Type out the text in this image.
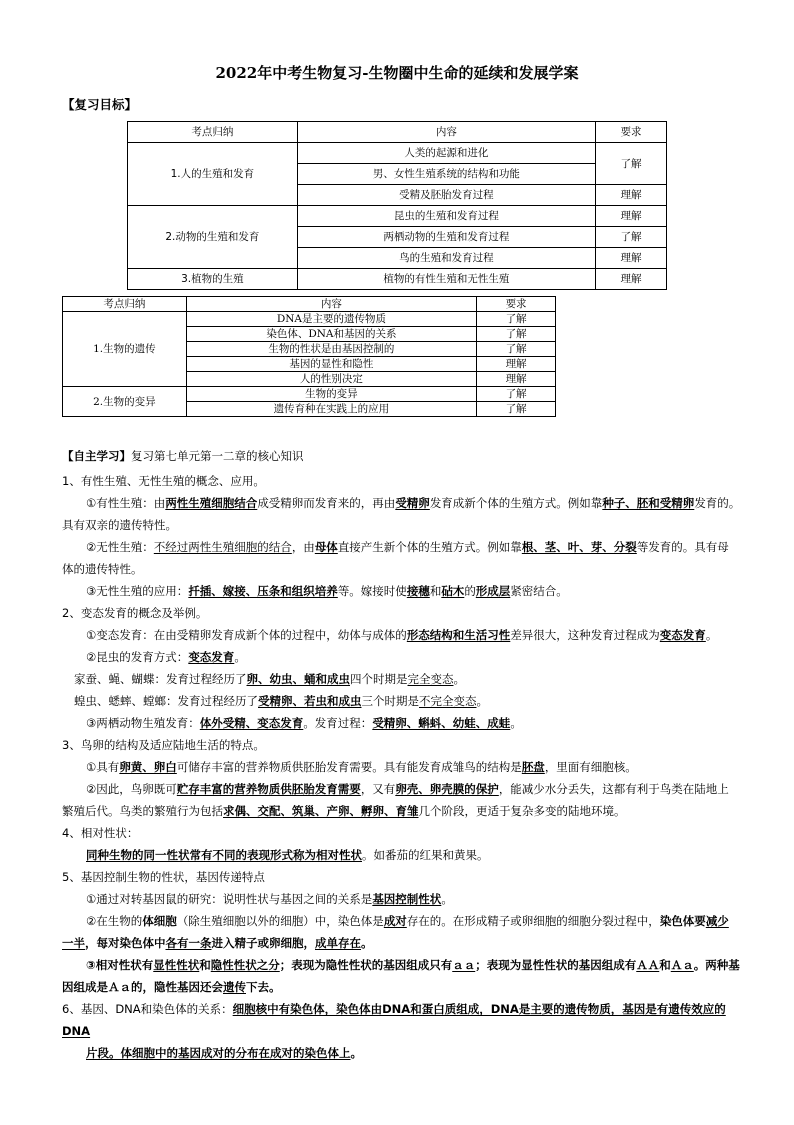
2022年中考生物复习-生物圈中生命的延续和发展学案
【复习目标】
考点归纳	内容	要求
1.人的生殖和发育	人类的起源和进化	了解
	男、女性生殖系统的结构和功能	
	受精及胚胎发育过程	理解
2.动物的生殖和发育	昆虫的生殖和发育过程	理解
	两栖动物的生殖和发育过程	了解
	鸟的生殖和发育过程	理解
3.植物的生殖	植物的有性生殖和无性生殖	理解
考点归纳	内容	要求
1.生物的遗传	DNA是主要的遗传物质	了解
	染色体、DNA和基因的关系	了解
	生物的性状是由基因控制的	了解
	基因的显性和隐性	理解
	人的性别决定	理解
2.生物的变异	生物的变异	了解
	遗传育种在实践上的应用	了解
【自主学习】复习第七单元第一二章的核心知识
1、有性生殖、无性生殖的概念、应用。
①有性生殖：由两性生殖细胞结合成受精卵而发育来的，再由受精卵发育成新个体的生殖方式。例如靠种子、胚和受精卵发育的。
具有双亲的遗传特性。
②无性生殖：不经过两性生殖细胞的结合，由母体直接产生新个体的生殖方式。例如靠根、茎、叶、芽、分裂等发育的。具有母
体的遗传特性。
③无性生殖的应用：扦插、嫁接、压条和组织培养等。嫁接时使接穗和砧木的形成层紧密结合。
2、变态发育的概念及举例。
①变态发育：在由受精卵发育成新个体的过程中，幼体与成体的形态结构和生活习性差异很大，这种发育过程成为变态发育。
②昆虫的发育方式：变态发育。
家蚕、蝇、蝴蝶：发育过程经历了卵、幼虫、蛹和成虫四个时期是完全变态。
蝗虫、蟋蟀、螳螂：发育过程经历了受精卵、若虫和成虫三个时期是不完全变态。
③两栖动物生殖发育：体外受精、变态发育。发育过程：受精卵、蝌蚪、幼蛙、成蛙。
3、鸟卵的结构及适应陆地生活的特点。
①具有卵黄、卵白可储存丰富的营养物质供胚胎发育需要。具有能发育成雏鸟的结构是胚盘，里面有细胞核。
②因此，鸟卵既可贮存丰富的营养物质供胚胎发育需要，又有卵壳、卵壳膜的保护，能减少水分丢失，这都有利于鸟类在陆地上
繁殖后代。鸟类的繁殖行为包括求偶、交配、筑巢、产卵、孵卵、育雏几个阶段，更适于复杂多变的陆地环境。
4、相对性状：
同种生物的同一性状常有不同的表现形式称为相对性状。如番茄的红果和黄果。
5、基因控制生物的性状，基因传递特点
①通过对转基因鼠的研究：说明性状与基因之间的关系是基因控制性状。
②在生物的体细胞（除生殖细胞以外的细胞）中，染色体是成对存在的。在形成精子或卵细胞的细胞分裂过程中，染色体要减少
一半，每对染色体中各有一条进入精子或卵细胞，成单存在。
③相对性状有显性性状和隐性性状之分；表现为隐性性状的基因组成只有ａａ；表现为显性性状的基因组成有ＡＡ和Ａａ。两种基
因组成是Ａａ的，隐性基因还会遗传下去。
6、基因、DNA和染色体的关系：细胞核中有染色体，染色体由DNA和蛋白质组成，DNA是主要的遗传物质，基因是有遗传效应的DNA
片段。体细胞中的基因成对的分布在成对的染色体上。
